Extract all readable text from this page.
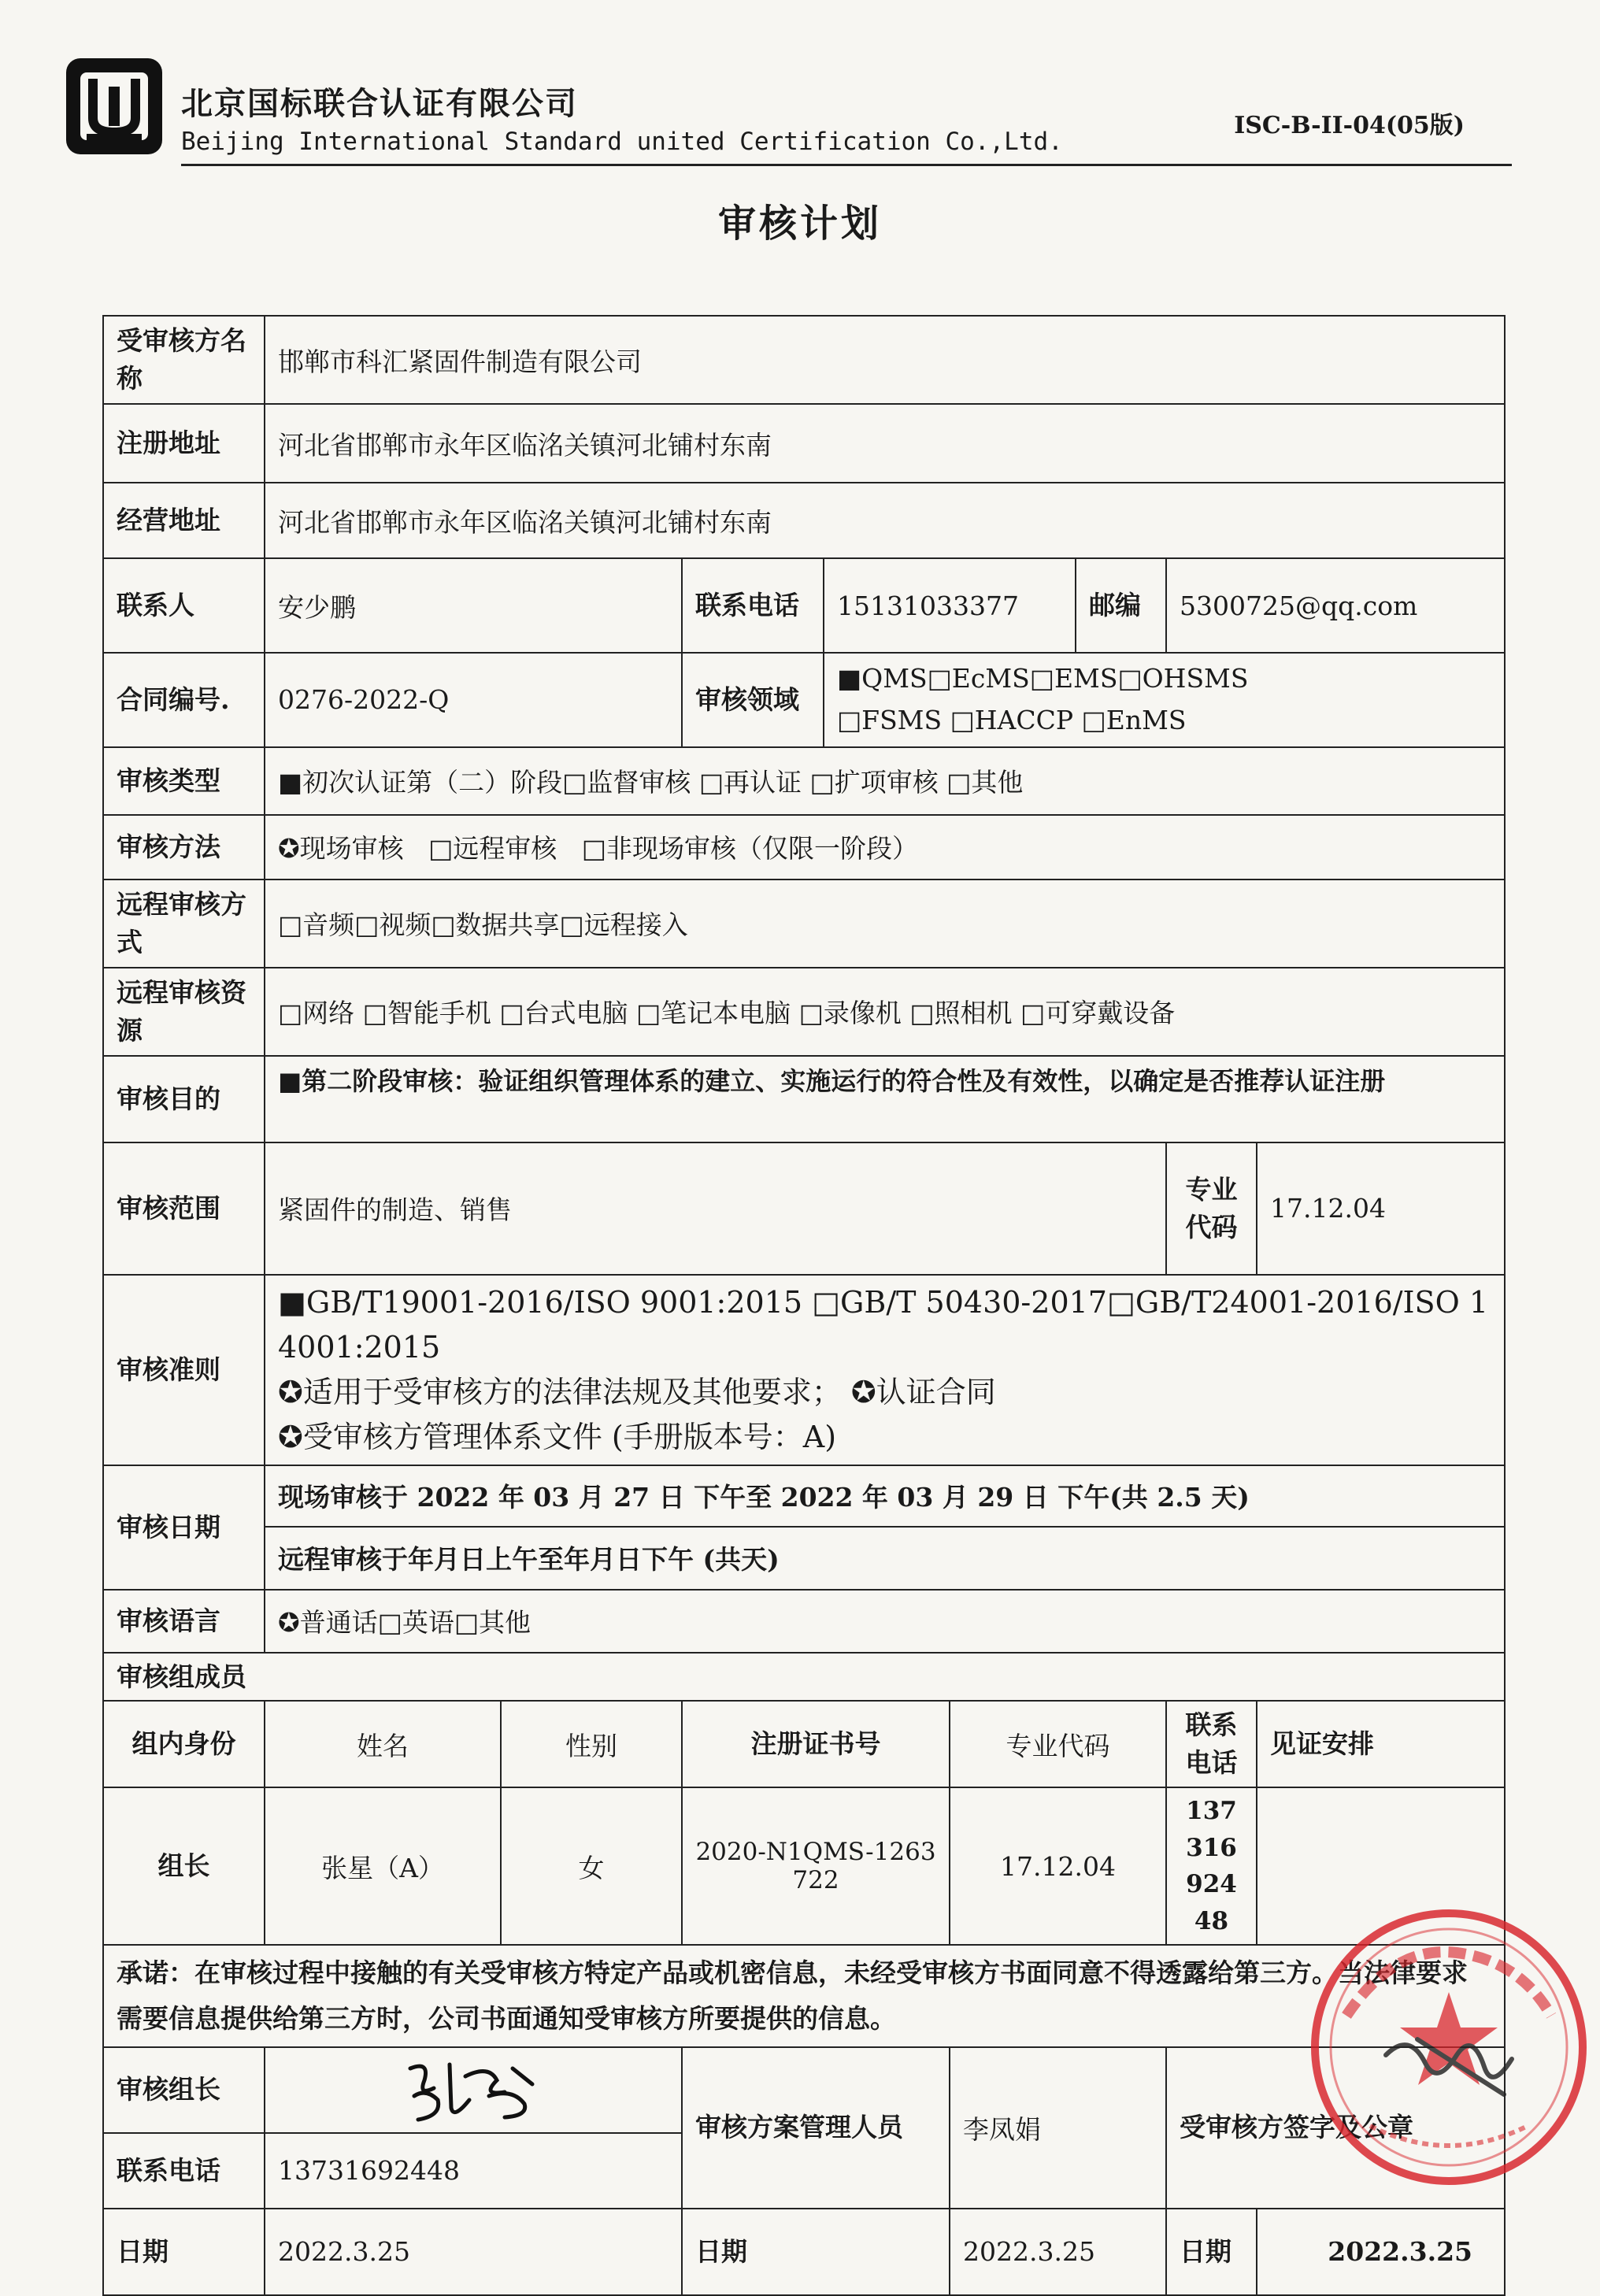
北京国标联合认证有限公司
Beijing International Standard united Certification Co.,Ltd.
ISC-B-II-04(05版)
审核计划
受审核方名称	邯郸市科汇紧固件制造有限公司							
注册地址	河北省邯郸市永年区临洺关镇河北铺村东南							
经营地址	河北省邯郸市永年区临洺关镇河北铺村东南							
联系人	安少鹏		联系电话	15131033377		邮编	5300725@qq.com	
合同编号.	0276-2022-Q		审核领域	■QMS□EcMS□EMS□OHSMS
□FSMS □HACCP □EnMS				

审核类型	■初次认证第（二）阶段□监督审核 □再认证 □扩项审核 □其他							
审核方法	✪现场审核   □远程审核   □非现场审核（仅限一阶段）							
远程审核方式	□音频□视频□数据共享□远程接入							
远程审核资源	□网络 □智能手机 □台式电脑 □笔记本电脑 □录像机 □照相机 □可穿戴设备							
审核目的	■第二阶段审核：验证组织管理体系的建立、实施运行的符合性及有效性，以确定是否推荐认证注册							
审核范围	紧固件的制造、销售						专业代码	17.12.04
审核准则	■GB/T19001-2016/ISO 9001:2015 □GB/T 50430-2017□GB/T24001-2016/ISO 14001:2015
✪适用于受审核方的法律法规及其他要求； ✪认证合同
✪受审核方管理体系文件 (手册版本号：A)							

审核日期	现场审核于 2022 年 03 月 27 日 下午至 2022 年 03 月 29 日 下午(共 2.5 天)							
	远程审核于年月日上午至年月日下午 (共天)							
审核语言	✪普通话□英语□其他							
审核组成员								
组内身份	姓名	性别	注册证书号		专业代码		联系电话	见证安排
组长	张星（A）	女	2020-N1QMS-1263722		17.12.04		13731692448	
承诺：在审核过程中接触的有关受审核方特定产品或机密信息，未经受审核方书面同意不得透露给第三方。当法律要求需要信息提供给第三方时，公司书面通知受审核方所要提供的信息。								
审核组长			审核方案管理人员		李凤娟		受审核方签字及公章	
联系电话	13731692448							
日期	2022.3.25		日期		2022.3.25		日期	2022.3.25
